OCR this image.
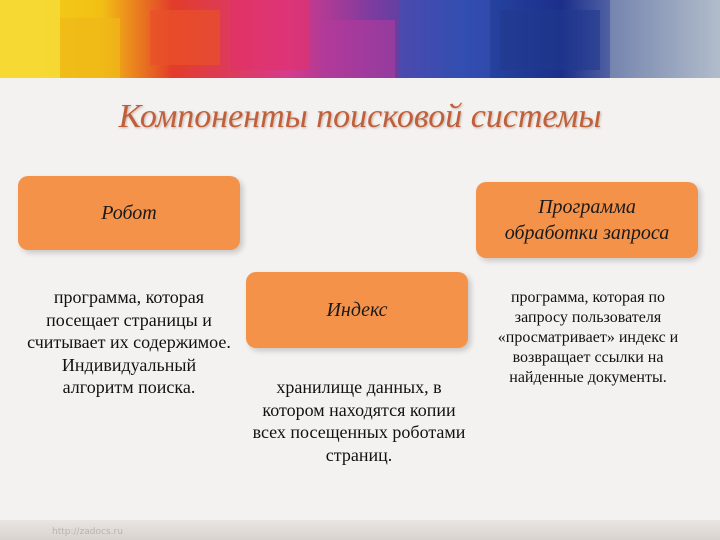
Компоненты поисковой системы
Робот
программа, которая посещает страницы и считывает их содержимое. Индивидуальный алгоритм поиска.
Индекс
хранилище данных, в котором находятся копии всех посещенных роботами страниц.
Программа обработки запроса
программа, которая по запросу пользователя «просматривает» индекс и возвращает ссылки на найденные документы.
http://zadocs.ru
